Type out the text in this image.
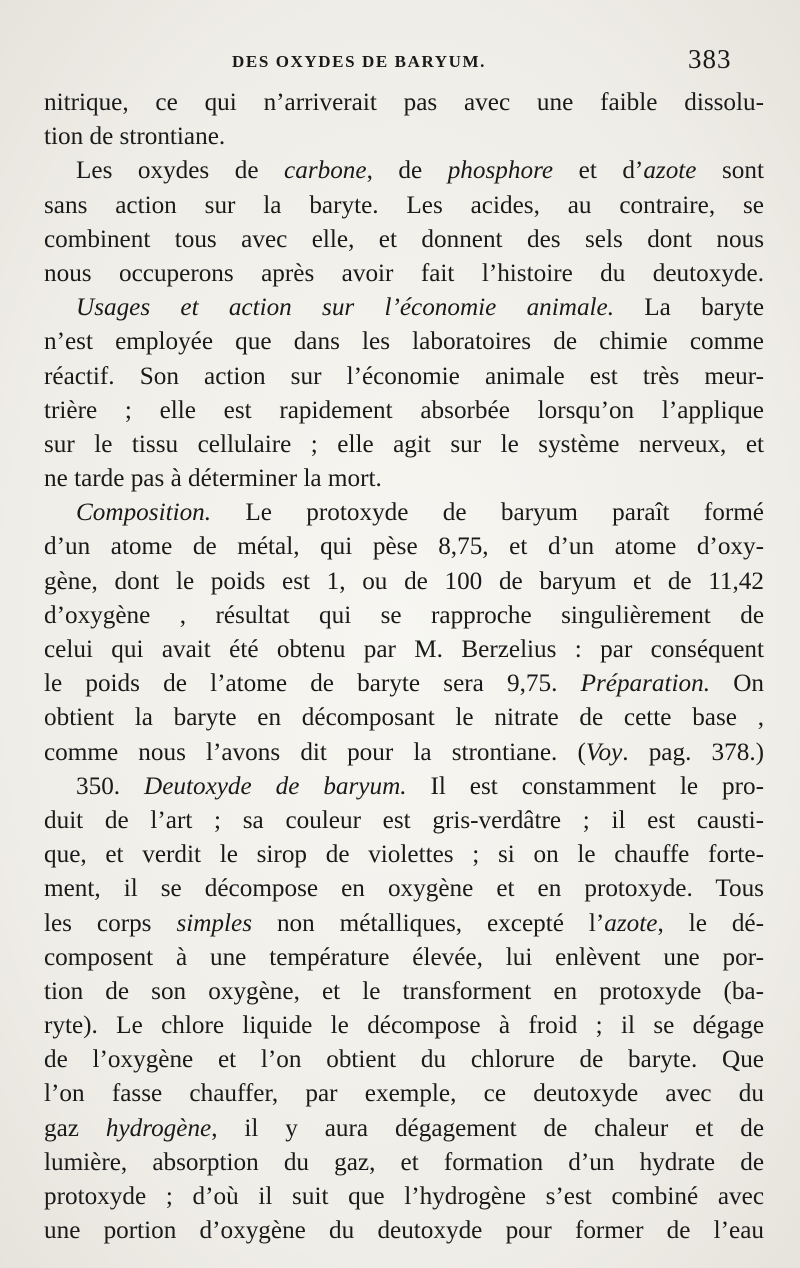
DES OXYDES DE BARYUM.	383
nitrique, ce qui n’arriverait pas avec une faible dissolu-
tion de strontiane.
Les oxydes de carbone, de phosphore et d’azote sont
sans action sur la baryte. Les acides, au contraire, se
combinent tous avec elle, et donnent des sels dont nous
nous occuperons après avoir fait l’histoire du deutoxyde.
Usages et action sur l’économie animale. La baryte
n’est employée que dans les laboratoires de chimie comme
réactif. Son action sur l’économie animale est très meur-
trière ; elle est rapidement absorbée lorsqu’on l’applique
sur le tissu cellulaire ; elle agit sur le système nerveux, et
ne tarde pas à déterminer la mort.
Composition. Le protoxyde de baryum paraît formé
d’un atome de métal, qui pèse 8,75, et d’un atome d’oxy-
gène, dont le poids est 1, ou de 100 de baryum et de 11,42
d’oxygène , résultat qui se rapproche singulièrement de
celui qui avait été obtenu par M. Berzelius : par conséquent
le poids de l’atome de baryte sera 9,75. Préparation. On
obtient la baryte en décomposant le nitrate de cette base ,
comme nous l’avons dit pour la strontiane. (Voy. pag. 378.)
350. Deutoxyde de baryum. Il est constamment le pro-
duit de l’art ; sa couleur est gris-verdâtre ; il est causti-
que, et verdit le sirop de violettes ; si on le chauffe forte-
ment, il se décompose en oxygène et en protoxyde. Tous
les corps simples non métalliques, excepté l’azote, le dé-
composent à une température élevée, lui enlèvent une por-
tion de son oxygène, et le transforment en protoxyde (ba-
ryte). Le chlore liquide le décompose à froid ; il se dégage
de l’oxygène et l’on obtient du chlorure de baryte. Que
l’on fasse chauffer, par exemple, ce deutoxyde avec du
gaz hydrogène, il y aura dégagement de chaleur et de
lumière, absorption du gaz, et formation d’un hydrate de
protoxyde ; d’où il suit que l’hydrogène s’est combiné avec
une portion d’oxygène du deutoxyde pour former de l’eau
